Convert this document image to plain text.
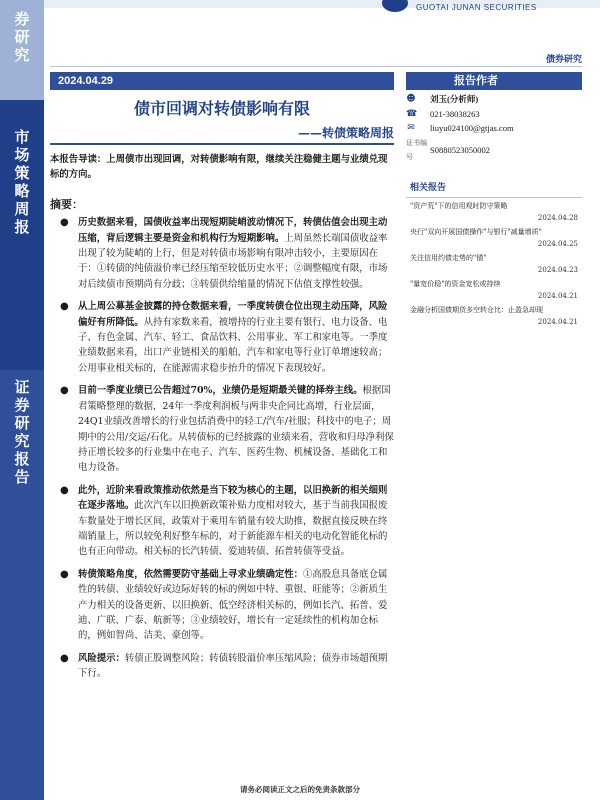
券研究
市场策略周报
证券研究报告
GUOTAI JUNAN SECURITIES
债券研究
2024.04.29
债市回调对转债影响有限
——转债策略周报

本报告导读：上周债市出现回调，对转债影响有限，继续关注稳健主题与业绩兑现标的方向。

摘要：

● 历史数据来看，国债收益率出现短期陡峭波动情况下，转债估值会出现主动压缩，背后逻辑主要是资金和机构行为短期影响。上周虽然长端国债收益率出现了较为陡峭的上行，但是对转债市场影响有限冲击较小，主要原因在于：①转债的纯债溢价率已经压缩至较低历史水平；②调整幅度有限，市场对后续债市预期尚有分歧；③转债供给缩量的情况下估值支撑性较强。
● 从上周公募基金披露的持仓数据来看，一季度转债仓位出现主动压降，风险偏好有所降低。从持有家数来看，被增持的行业主要有银行、电力设备、电子、有色金属、汽车、轻工、食品饮料、公用事业、军工和家电等。一季度业绩数据来看，出口产业链相关的船舶、汽车和家电等行业订单增速较高；公用事业相关标的，在能源需求稳步抬升的情况下表现较好。
● 目前一季度业绩已公告超过70%，业绩仍是短期最关键的择券主线。根据国君策略整理的数据，24年一季度利润板与两非央企同比高增，行业层面，24Q1业绩改善增长的行业包括消费中的轻工/汽车/社服；科技中的电子；周期中的公用/交运/石化。从转债标的已经披露的业绩来看，营收和归母净利保持正增长较多的行业集中在电子、汽车、医药生物、机械设备、基础化工和电力设备。
● 此外，近阶来看政策推动依然是当下较为核心的主题，以旧换新的相关细则在逐步落地。此次汽车以旧换新政策补贴力度相对较大，基于当前我国报废车数量处于增长区间，政策对于乘用车销量有较大助推，数据直接反映在终端销量上，所以较免利好整车标的，对于新能源车相关的电动化智能化标的也有正向带动。相关标的长汽转债、爱迪转债、拓普转债等受益。
● 转债策略角度，依然需要防守基础上寻求业绩确定性：①高股息具备底仓属性的转债、业绩较好或边际好转的标的例如中特、重银、旺能等；②新质生产力相关的设备更新、以旧换新、低空经济相关标的，例如长汽、拓普、爱迪、广联、广泰、航新等；③业绩较好，增长有一定延续性的机构加仓标的，例如智尚、洁美、豪创等。
● 风险提示：转债正股调整风险；转债转股溢价率压缩风险；债券市场超预期下行。
报告作者
☻ 刘玉(分析师)
☎ 021-38038263
✉ liuyu024100@gtjas.com
证书编号
S0880523050002
相关报告
"资产荒"下的信用观时防守策略
2024.04.28
央行"双向开展国债操作"与银行"减量增质"
2024.04.25
关注信用约债走势的"锚"
2024.04.23
"量宽价稳"的资金宽松或持续
2024.04.21
金融分析国债期货多空转仓比：止盈急却现
2024.04.21
请务必阅读正文之后的免责条款部分
